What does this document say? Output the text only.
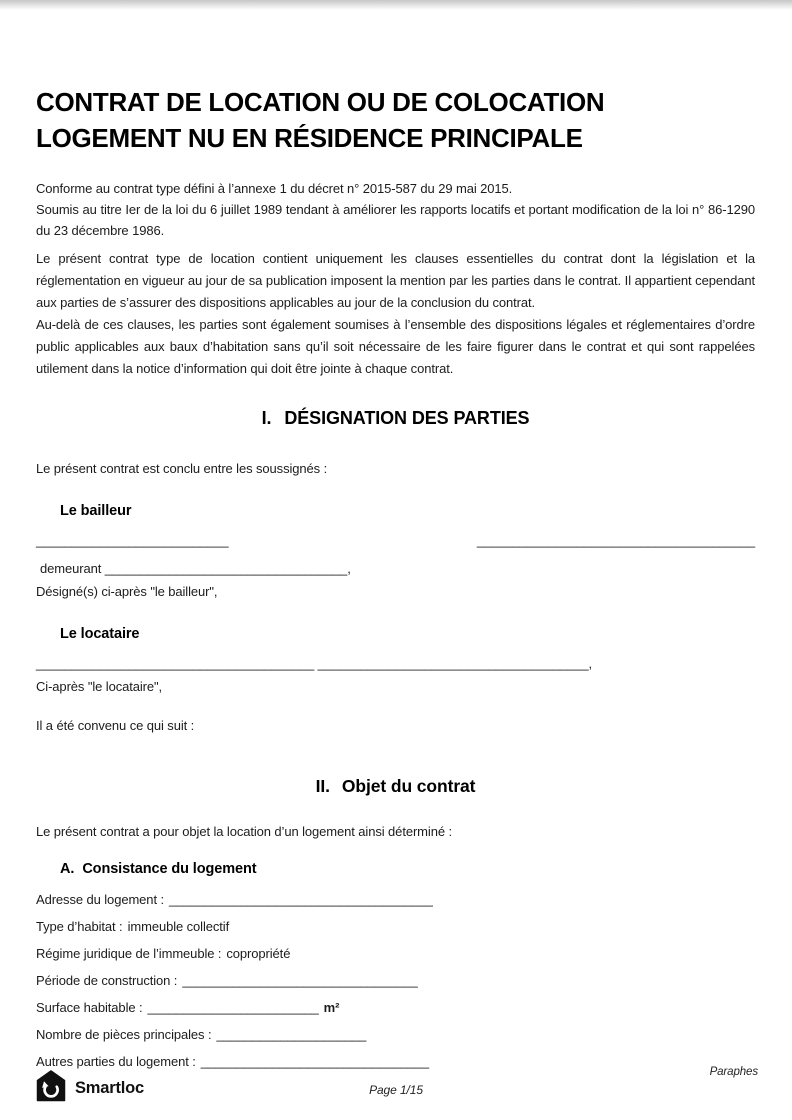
CONTRAT DE LOCATION OU DE COLOCATION
LOGEMENT NU EN RÉSIDENCE PRINCIPALE
Conforme au contrat type défini à l’annexe 1 du décret n° 2015-587 du 29 mai 2015.
Soumis au titre Ier de la loi du 6 juillet 1989 tendant à améliorer les rapports locatifs et portant modification de la loi n° 86-1290 du 23 décembre 1986.

Le présent contrat type de location contient uniquement les clauses essentielles du contrat dont la législation et la réglementation en vigueur au jour de sa publication imposent la mention par les parties dans le contrat. Il appartient cependant aux parties de s’assurer des dispositions applicables au jour de la conclusion du contrat.

Au-delà de ces clauses, les parties sont également soumises à l’ensemble des dispositions légales et réglementaires d’ordre public applicables aux baux d’habitation sans qu’il soit nécessaire de les faire figurer dans le contrat et qui sont rappelées utilement dans la notice d’information qui doit être jointe à chaque contrat.

I. DÉSIGNATION DES PARTIES

Le présent contrat est conclu entre les soussignés :

Le bailleur
___________________________	_______________________________________

demeurant __________________________________,

Désigné(s) ci-après "le bailleur",

Le locataire
_______________________________________ ______________________________________,

Ci-après "le locataire",

Il a été convenu ce qui suit :

II. Objet du contrat

Le présent contrat a pour objet la location d’un logement ainsi déterminé :

A. Consistance du logement
Adresse du logement : _____________________________________
Type d’habitat : immeuble collectif
Régime juridique de l’immeuble : copropriété
Période de construction : _________________________________
Surface habitable : ________________________ m²
Nombre de pièces principales : _____________________
Autres parties du logement : ________________________________
Smartloc	Page 1/15
Paraphes
